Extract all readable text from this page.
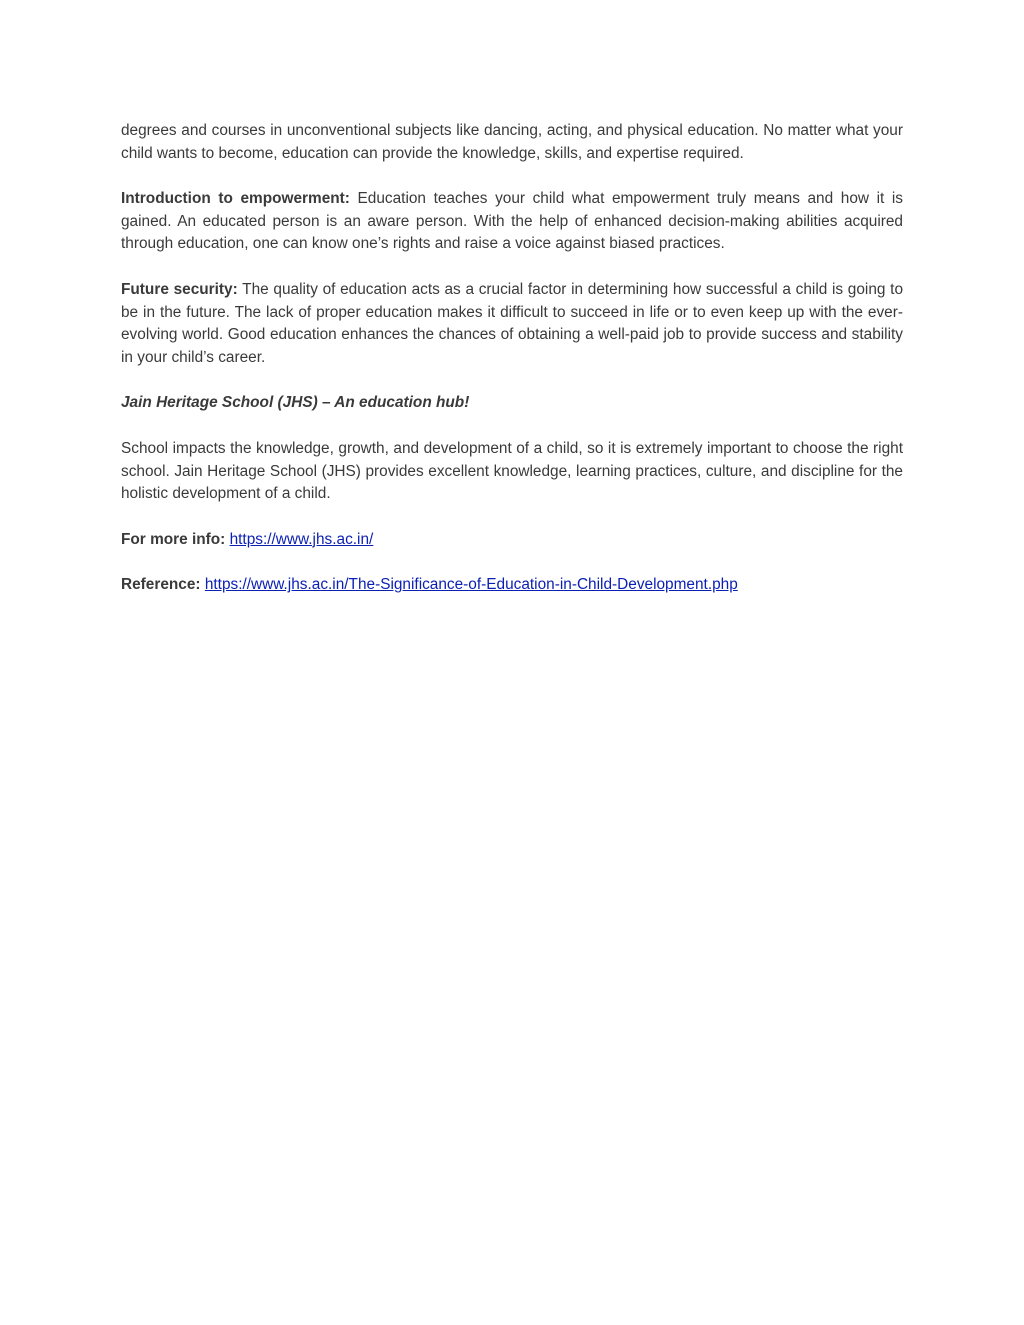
degrees and courses in unconventional subjects like dancing, acting, and physical education. No matter what your child wants to become, education can provide the knowledge, skills, and expertise required.

Introduction to empowerment: Education teaches your child what empowerment truly means and how it is gained. An educated person is an aware person. With the help of enhanced decision-making abilities acquired through education, one can know one’s rights and raise a voice against biased practices.

Future security: The quality of education acts as a crucial factor in determining how successful a child is going to be in the future. The lack of proper education makes it difficult to succeed in life or to even keep up with the ever-evolving world. Good education enhances the chances of obtaining a well-paid job to provide success and stability in your child’s career.

Jain Heritage School (JHS) – An education hub!

School impacts the knowledge, growth, and development of a child, so it is extremely important to choose the right school. Jain Heritage School (JHS) provides excellent knowledge, learning practices, culture, and discipline for the holistic development of a child.

For more info: https://www.jhs.ac.in/

Reference: https://www.jhs.ac.in/The-Significance-of-Education-in-Child-Development.php
